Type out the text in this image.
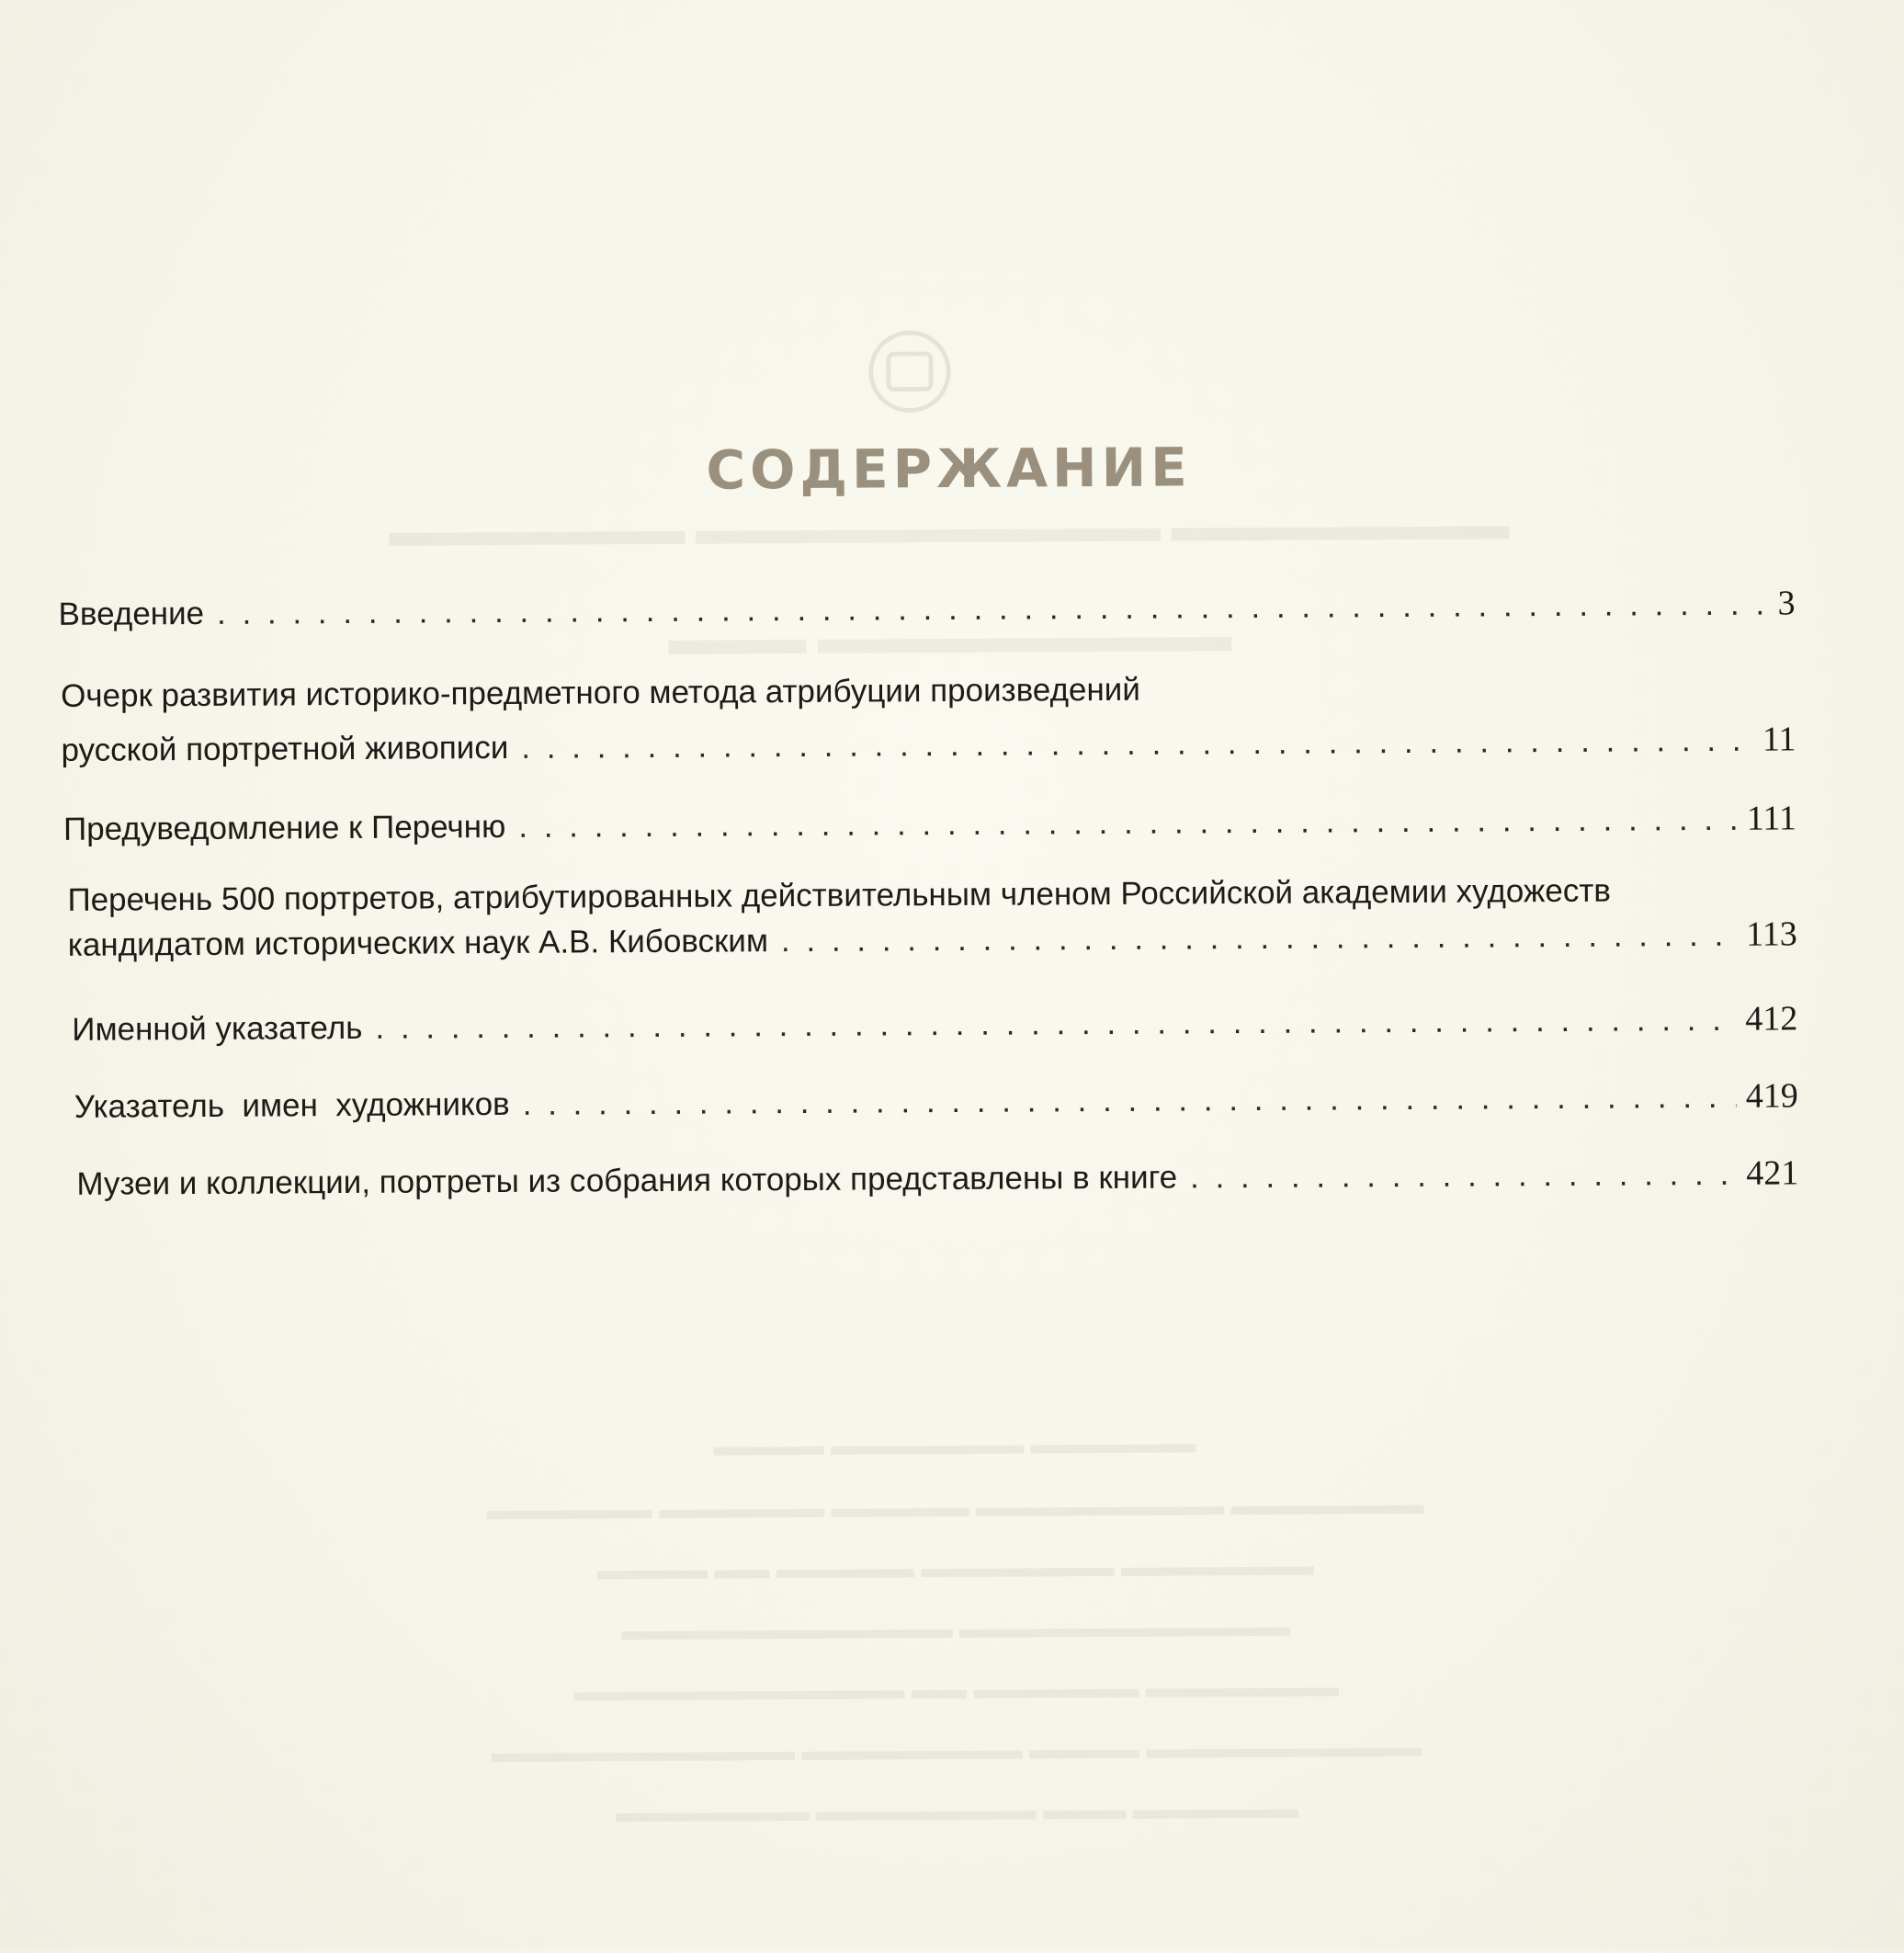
СОДЕРЖАНИЕ
▬▬▬▬▬▬▬ ▬▬▬▬▬▬▬▬▬▬▬ ▬▬▬▬▬▬▬▬
▬▬▬ ▬▬▬▬▬▬▬▬▬
▬▬▬▬ ▬▬▬▬▬▬▬ ▬▬▬▬▬▬
▬▬▬▬▬▬ ▬▬▬▬▬▬ ▬▬▬▬▬ ▬▬▬▬▬▬▬▬▬ ▬▬▬▬▬▬▬
▬▬▬▬ ▬▬ ▬▬▬▬▬ ▬▬▬▬▬▬▬ ▬▬▬▬▬▬▬
▬▬▬▬▬▬▬▬▬▬▬▬ ▬▬▬▬▬▬▬▬▬▬▬▬
▬▬▬▬▬▬▬▬▬▬▬▬ ▬▬ ▬▬▬▬▬▬ ▬▬▬▬▬▬▬
▬▬▬▬▬▬▬▬▬▬▬ ▬▬▬▬▬▬▬▬ ▬▬▬▬ ▬▬▬▬▬▬▬▬▬▬
▬▬▬▬▬▬▬ ▬▬▬▬▬▬▬▬ ▬▬▬ ▬▬▬▬▬▬
Введение . . .	3
Очерк развития историко-предметного метода атрибуции произведений
русской портретной живописи . . .	11
Предуведомление к Перечню . . .	111
Перечень 500 портретов, атрибутированных действительным членом Российской академии художеств
кандидатом исторических наук А.В. Кибовским . . .	113
Именной указатель . . .	412
Указатель  имен  художников . . .	419
Музеи и коллекции, портреты из собрания которых представлены в книге . . .	421
